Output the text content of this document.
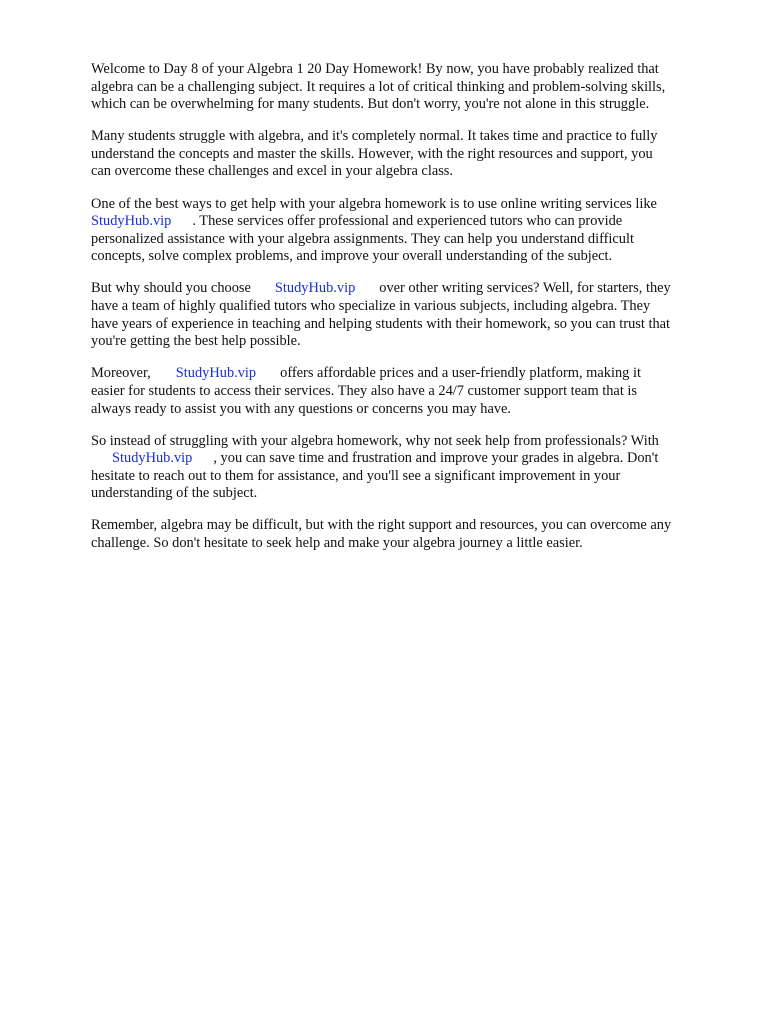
Welcome to Day 8 of your Algebra 1 20 Day Homework! By now, you have probably realized that
algebra can be a challenging subject. It requires a lot of critical thinking and problem-solving skills,
which can be overwhelming for many students. But don't worry, you're not alone in this struggle.

Many students struggle with algebra, and it's completely normal. It takes time and practice to fully
understand the concepts and master the skills. However, with the right resources and support, you
can overcome these challenges and excel in your algebra class.

One of the best ways to get help with your algebra homework is to use online writing services like
StudyHub.vip . These services offer professional and experienced tutors who can provide
personalized assistance with your algebra assignments. They can help you understand difficult
concepts, solve complex problems, and improve your overall understanding of the subject.

But why should you choose StudyHub.vip over other writing services? Well, for starters, they
have a team of highly qualified tutors who specialize in various subjects, including algebra. They
have years of experience in teaching and helping students with their homework, so you can trust that
you're getting the best help possible.

Moreover, StudyHub.vip offers affordable prices and a user-friendly platform, making it
easier for students to access their services. They also have a 24/7 customer support team that is
always ready to assist you with any questions or concerns you may have.

So instead of struggling with your algebra homework, why not seek help from professionals? With
StudyHub.vip , you can save time and frustration and improve your grades in algebra. Don't
hesitate to reach out to them for assistance, and you'll see a significant improvement in your
understanding of the subject.

Remember, algebra may be difficult, but with the right support and resources, you can overcome any
challenge. So don't hesitate to seek help and make your algebra journey a little easier.
